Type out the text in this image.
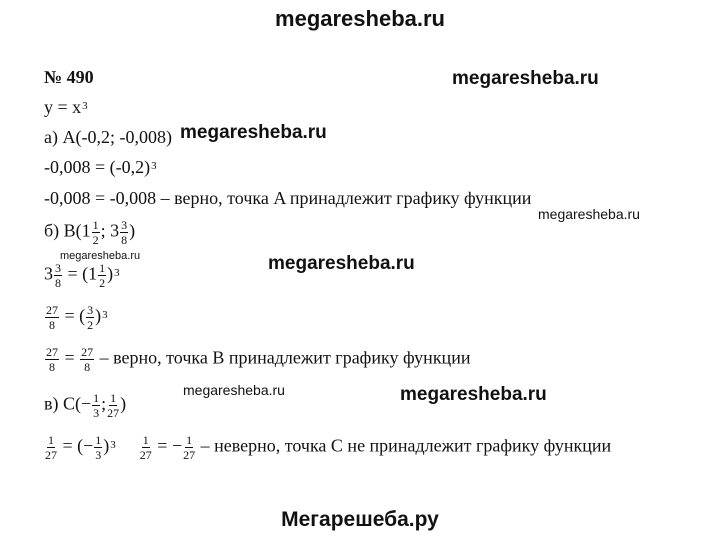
megaresheba.ru
megaresheba.ru
megaresheba.ru
megaresheba.ru
megaresheba.ru	megaresheba.ru
megaresheba.ru	megaresheba.ru
№ 490
$y = x^3$
а) A(-0,2; -0,008)
$-0,008 = (-0,2)^3$
-0,008 = -0,008 – верно, точка A принадлежит графику функции
б) $B(1 \frac{1}{2}$ ; $3 \frac{3}{8}$ )
$3 \frac{3}{8} = (1 \frac{1}{2} )^3$
$\frac{27}{8}$ = ( $\frac{3}{2} )^3$
$\frac{27}{8} = \frac{27}{8}$ – верно, точка B принадлежит графику функции
в) $C(- \frac{1}{3}$ ; $\frac{1}{27}$ )
$\frac{1}{27}$ = (− $\frac{1}{3} )^3 \frac{1}{27}$ = − $\frac{1}{27}$ – неверно, точка C не принадлежит графику функции
Мегарешеба.ру
